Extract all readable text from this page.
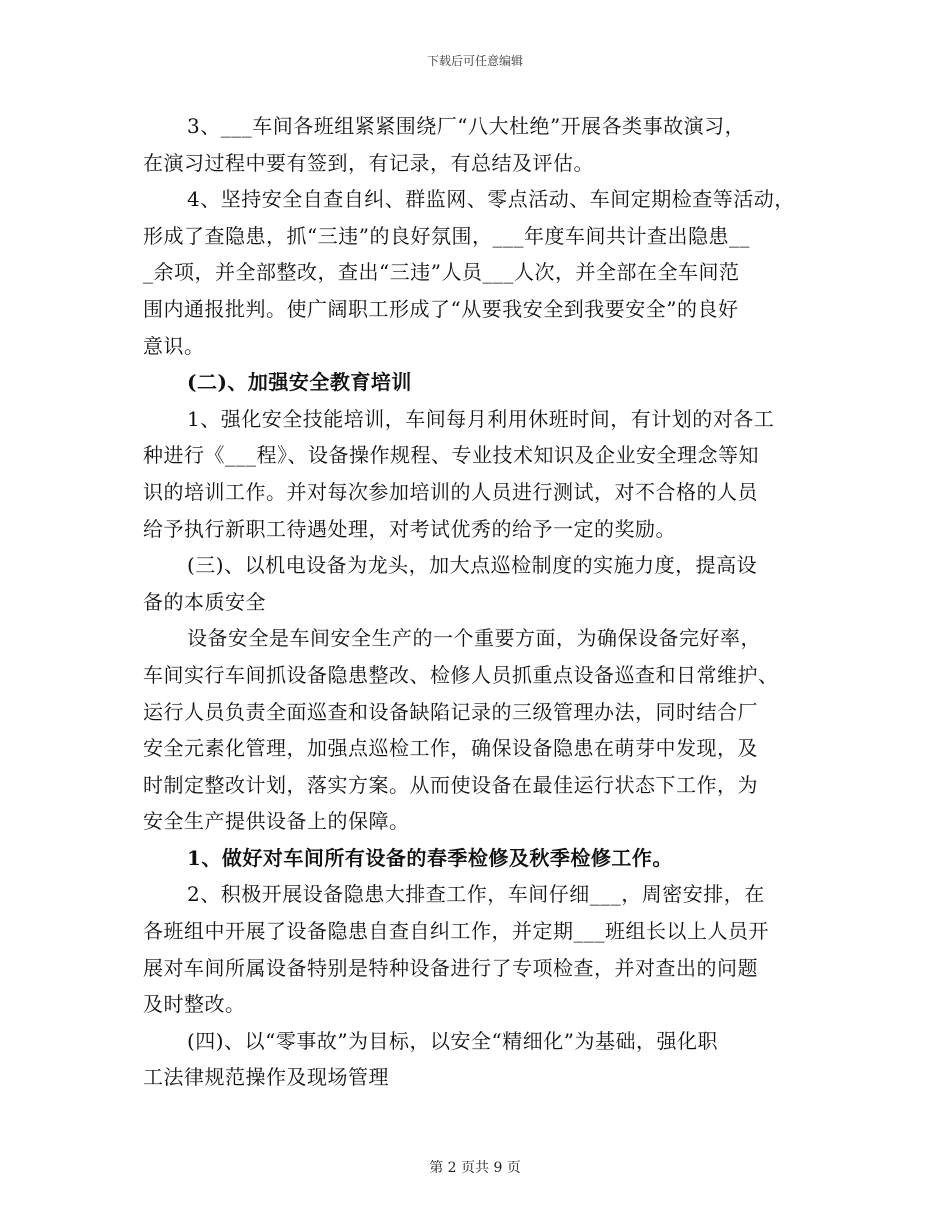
下载后可任意编辑

3、___车间各班组紧紧围绕厂“八大杜绝”开展各类事故演习，
在演习过程中要有签到，有记录，有总结及评估。

4、坚持安全自查自纠、群监网、零点活动、车间定期检查等活动，
形成了查隐患，抓“三违”的良好氛围，___年度车间共计查出隐患__
_余项，并全部整改，查出“三违”人员___人次，并全部在全车间范
围内通报批判。使广阔职工形成了“从要我安全到我要安全”的良好
意识。

(二)、加强安全教育培训

1、强化安全技能培训，车间每月利用休班时间，有计划的对各工
种进行《___程》、设备操作规程、专业技术知识及企业安全理念等知
识的培训工作。并对每次参加培训的人员进行测试，对不合格的人员
给予执行新职工待遇处理，对考试优秀的给予一定的奖励。

(三)、以机电设备为龙头，加大点巡检制度的实施力度，提高设
备的本质安全

设备安全是车间安全生产的一个重要方面，为确保设备完好率，
车间实行车间抓设备隐患整改、检修人员抓重点设备巡查和日常维护、
运行人员负责全面巡查和设备缺陷记录的三级管理办法，同时结合厂
安全元素化管理，加强点巡检工作，确保设备隐患在萌芽中发现，及
时制定整改计划，落实方案。从而使设备在最佳运行状态下工作，为
安全生产提供设备上的保障。

1、做好对车间所有设备的春季检修及秋季检修工作。

2、积极开展设备隐患大排查工作，车间仔细___，周密安排，在
各班组中开展了设备隐患自查自纠工作，并定期___班组长以上人员开
展对车间所属设备特别是特种设备进行了专项检查，并对查出的问题
及时整改。

(四)、以“零事故”为目标，以安全“精细化”为基础，强化职
工法律规范操作及现场管理

第 2 页共 9 页
